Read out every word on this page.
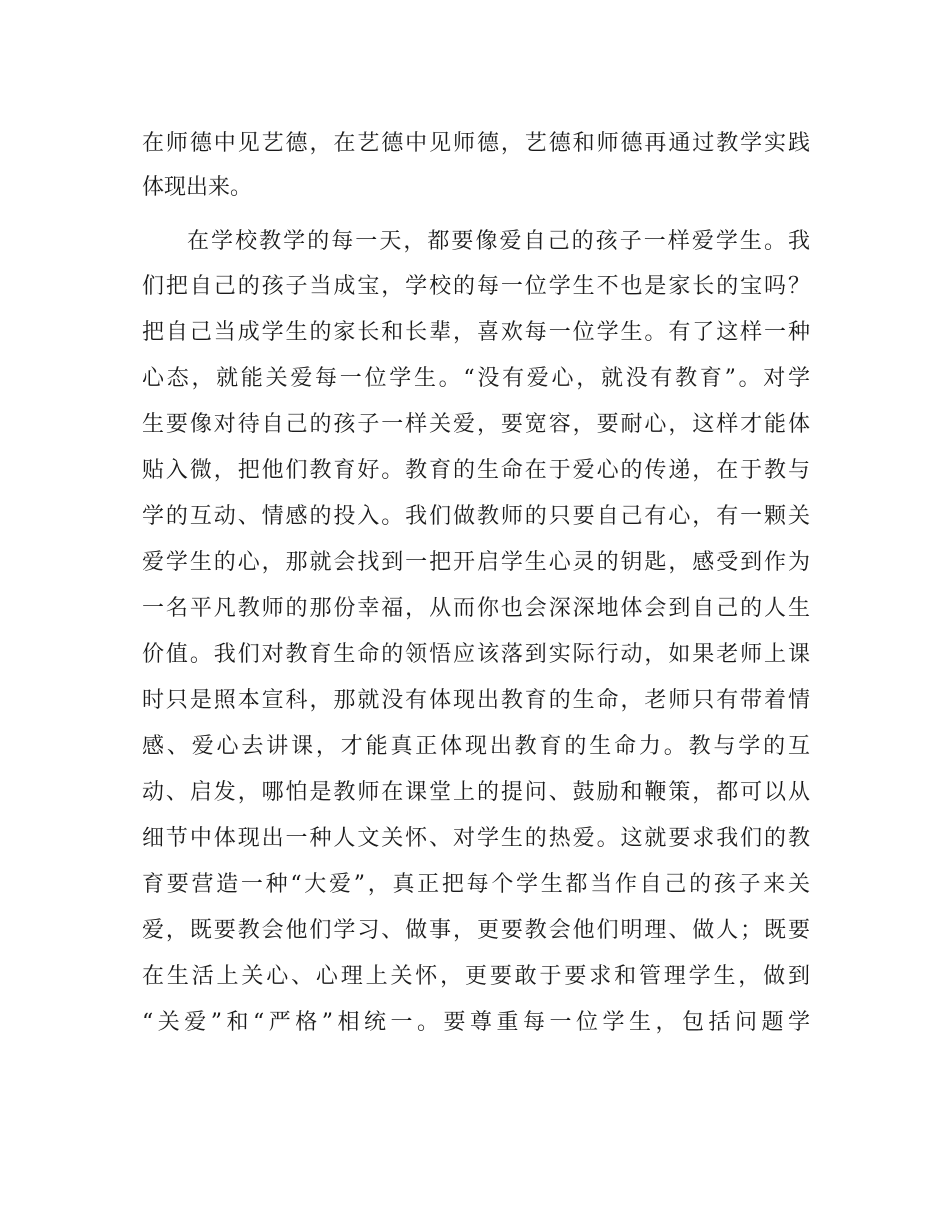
在师德中见艺德，在艺德中见师德，艺德和师德再通过教学实践
体现出来。
在学校教学的每一天，都要像爱自己的孩子一样爱学生。我
们把自己的孩子当成宝，学校的每一位学生不也是家长的宝吗？
把自己当成学生的家长和长辈，喜欢每一位学生。有了这样一种
心态，就能关爱每一位学生。“没有爱心，就没有教育”。对学
生要像对待自己的孩子一样关爱，要宽容，要耐心，这样才能体
贴入微，把他们教育好。教育的生命在于爱心的传递，在于教与
学的互动、情感的投入。我们做教师的只要自己有心，有一颗关
爱学生的心，那就会找到一把开启学生心灵的钥匙，感受到作为
一名平凡教师的那份幸福，从而你也会深深地体会到自己的人生
价值。我们对教育生命的领悟应该落到实际行动，如果老师上课
时只是照本宣科，那就没有体现出教育的生命，老师只有带着情
感、爱心去讲课，才能真正体现出教育的生命力。教与学的互
动、启发，哪怕是教师在课堂上的提问、鼓励和鞭策，都可以从
细节中体现出一种人文关怀、对学生的热爱。这就要求我们的教
育要营造一种“大爱”，真正把每个学生都当作自己的孩子来关
爱，既要教会他们学习、做事，更要教会他们明理、做人；既要
在生活上关心、心理上关怀，更要敢于要求和管理学生，做到
“关爱”和“严格”相统一。要尊重每一位学生，包括问题学
